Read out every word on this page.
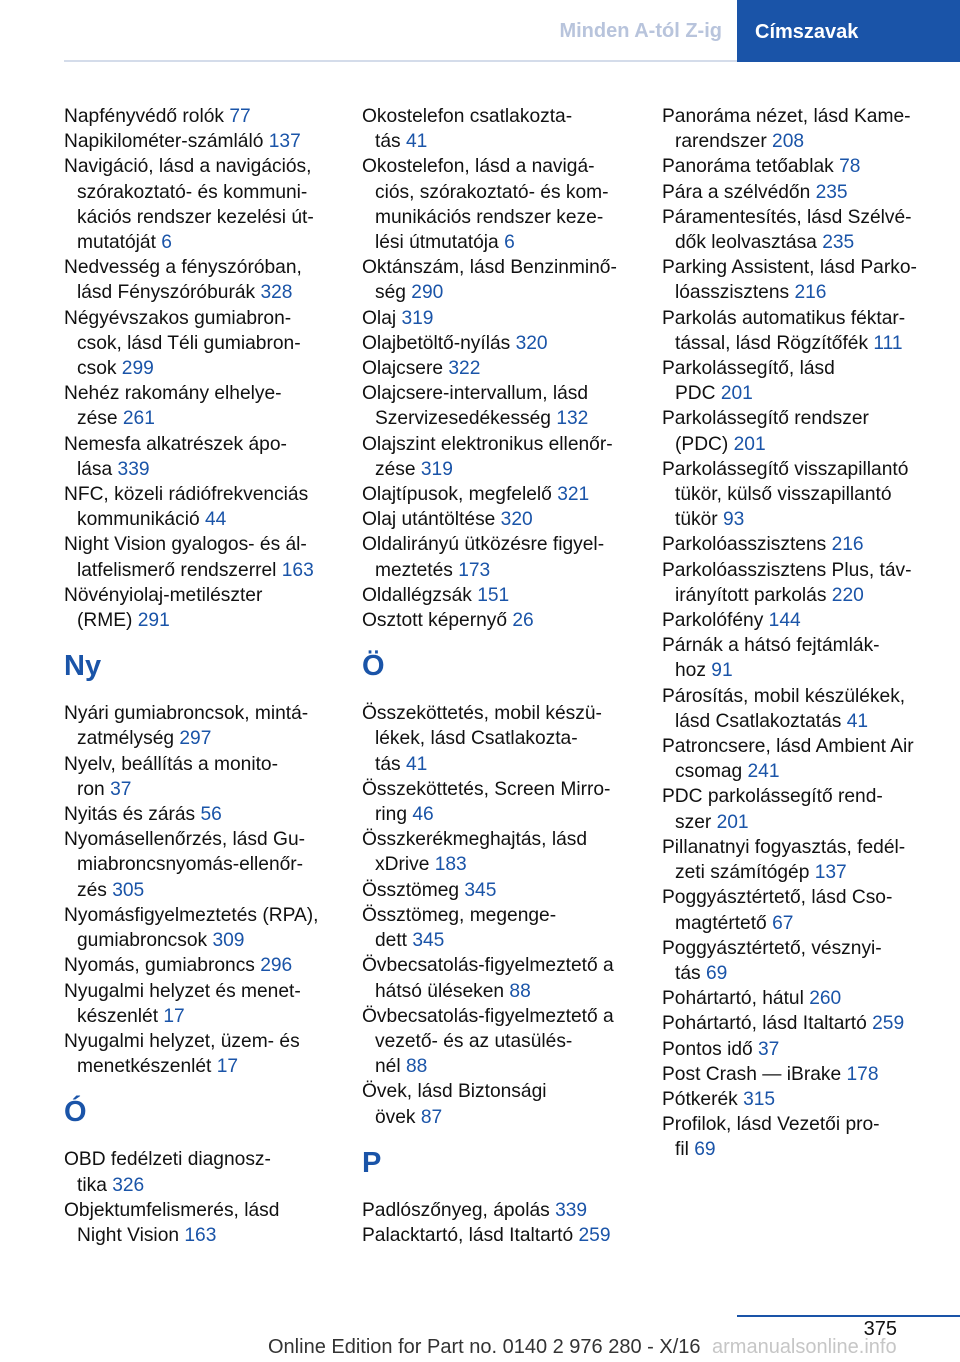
Minden A-tól Z-ig	Címszavak
Napfényvédő rolók 77
Napikilométer-számláló 137
Navigáció, lásd a navigációs,
szórakoztató- és kommuni-
kációs rendszer kezelési út-
mutatóját 6
Nedvesség a fényszóróban,
lásd Fényszóróburák 328
Négyévszakos gumiabron-
csok, lásd Téli gumiabron-
csok 299
Nehéz rakomány elhelye-
zése 261
Nemesfa alkatrészek ápo-
lása 339
NFC, közeli rádiófrekvenciás
kommunikáció 44
Night Vision gyalogos- és ál-
latfelismerő rendszerrel 163
Növényiolaj-metilészter
(RME) 291
Ny
Nyári gumiabroncsok, mintá-
zatmélység 297
Nyelv, beállítás a monito-
ron 37
Nyitás és zárás 56
Nyomásellenőrzés, lásd Gu-
miabroncsnyomás-ellenőr-
zés 305
Nyomásfigyelmeztetés (RPA),
gumiabroncsok 309
Nyomás, gumiabroncs 296
Nyugalmi helyzet és menet-
készenlét 17
Nyugalmi helyzet, üzem- és
menetkészenlét 17
Ó
OBD fedélzeti diagnosz-
tika 326
Objektumfelismerés, lásd
Night Vision 163
Okostelefon csatlakozta-
tás 41
Okostelefon, lásd a navigá-
ciós, szórakoztató- és kom-
munikációs rendszer keze-
lési útmutatója 6
Oktánszám, lásd Benzinminő-
ség 290
Olaj 319
Olajbetöltő-nyílás 320
Olajcsere 322
Olajcsere-intervallum, lásd
Szervizesedékesség 132
Olajszint elektronikus ellenőr-
zése 319
Olajtípusok, megfelelő 321
Olaj utántöltése 320
Oldalirányú ütközésre figyel-
meztetés 173
Oldallégzsák 151
Osztott képernyő 26
Ö
Összeköttetés, mobil készü-
lékek, lásd Csatlakozta-
tás 41
Összeköttetés, Screen Mirro-
ring 46
Összkerékmeghajtás, lásd
xDrive 183
Össztömeg 345
Össztömeg, megenge-
dett 345
Övbecsatolás-figyelmeztető a
hátsó üléseken 88
Övbecsatolás-figyelmeztető a
vezető- és az utasülés-
nél 88
Övek, lásd Biztonsági
övek 87
P
Padlószőnyeg, ápolás 339
Palacktartó, lásd Italtartó 259
Panoráma nézet, lásd Kame-
rarendszer 208
Panoráma tetőablak 78
Pára a szélvédőn 235
Páramentesítés, lásd Szélvé-
dők leolvasztása 235
Parking Assistent, lásd Parko-
lóasszisztens 216
Parkolás automatikus féktar-
tással, lásd Rögzítőfék 111
Parkolássegítő, lásd
PDC 201
Parkolássegítő rendszer
(PDC) 201
Parkolássegítő visszapillantó
tükör, külső visszapillantó
tükör 93
Parkolóasszisztens 216
Parkolóasszisztens Plus, táv-
irányított parkolás 220
Parkolófény 144
Párnák a hátsó fejtámlák-
hoz 91
Párosítás, mobil készülékek,
lásd Csatlakoztatás 41
Patroncsere, lásd Ambient Air
csomag 241
PDC parkolássegítő rend-
szer 201
Pillanatnyi fogyasztás, fedél-
zeti számítógép 137
Poggyásztértető, lásd Cso-
magtértető 67
Poggyásztértető, vésznyi-
tás 69
Pohártartó, hátul 260
Pohártartó, lásd Italtartó 259
Pontos idő 37
Post Crash — iBrake 178
Pótkerék 315
Profilok, lásd Vezetői pro-
fil 69
375
Online Edition for Part no. 0140 2 976 280 - X/16 armanualsonline.info
